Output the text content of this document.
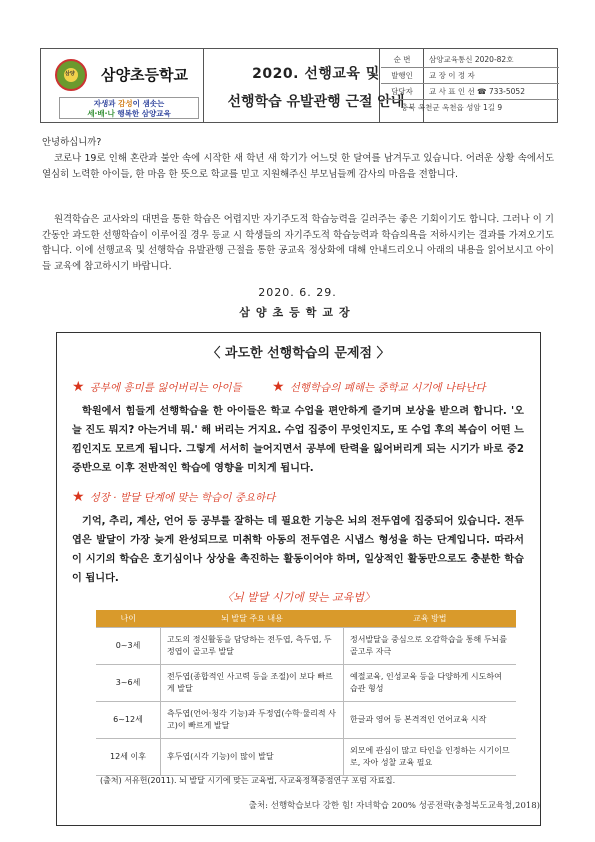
삼양 삼양초등학교
자생과 감성이 샘솟는
세·배·나 행복한 삼양교육
2020. 선행교육 및
선행학습 유발관행 근절 안내
순 번	삼양교육통신 2020-82호
발행인	교 장 이 정 자
담당자	교 사 표 인 선 ☎ 733-5052
충북 옥천군 옥천읍 성암 1길 9
안녕하십니까?
코로나 19로 인해 혼란과 불안 속에 시작한 새 학년 새 학기가 어느덧 한 달여를 남겨두고 있습니다. 어려운 상황 속에서도 열심히 노력한 아이들, 한 마음 한 뜻으로 학교를 믿고 지원해주신 부모님들께 감사의 마음을 전합니다.
원격학습은 교사와의 대면을 통한 학습은 어렵지만 자기주도적 학습능력을 길러주는 좋은 기회이기도 합니다. 그러나 이 기간동안 과도한 선행학습이 이루어질 경우 등교 시 학생들의 자기주도적 학습능력과 학습의욕을 저하시키는 결과를 가져오기도 합니다. 이에 선행교육 및 선행학습 유발관행 근절을 통한 공교육 정상화에 대해 안내드리오니 아래의 내용을 읽어보시고 아이들 교육에 참고하시기 바랍니다.
2020. 6. 29.
삼양초등학교장
〈 과도한 선행학습의 문제점 〉
★ 공부에 흥미를 잃어버리는 아이들 ★ 선행학습의 폐해는 중학교 시기에 나타난다
학원에서 힘들게 선행학습을 한 아이들은 학교 수업을 편안하게 즐기며 보상을 받으려 합니다. '오늘 진도 뭐지? 아는거네 뭐.' 해 버리는 거지요. 수업 집중이 무엇인지도, 또 수업 후의 복습이 어떤 느낌인지도 모르게 됩니다. 그렇게 서서히 늘어지면서 공부에 탄력을 잃어버리게 되는 시기가 바로 중2 중반으로 이후 전반적인 학습에 영향을 미치게 됩니다.
★ 성장 · 발달 단계에 맞는 학습이 중요하다
기억, 추리, 계산, 언어 등 공부를 잘하는 데 필요한 기능은 뇌의 전두엽에 집중되어 있습니다. 전두엽은 발달이 가장 늦게 완성되므로 미취학 아동의 전두엽은 시냅스 형성을 하는 단계입니다. 따라서 이 시기의 학습은 호기심이나 상상을 촉진하는 활동이어야 하며, 일상적인 활동만으로도 충분한 학습이 됩니다.
〈뇌 발달 시기에 맞는 교육법〉
나이	뇌 발달 주요 내용	교육 방법
0~3세	고도의 정신활동을 담당하는 전두엽, 측두엽, 두정엽이 골고루 발달	정서발달을 중심으로 오감학습을 통해 두뇌를 골고루 자극
3~6세	전두엽(종합적인 사고력 등을 조절)이 보다 빠르게 발달	예절교육, 인성교육 등을 다양하게 시도하여 습관 형성
6~12세	측두엽(언어·청각 기능)과 두정엽(수학·물리적 사고)이 빠르게 발달	한글과 영어 등 본격적인 언어교육 시작
12세 이후	후두엽(시각 기능)이 많이 발달	외모에 관심이 많고 타인을 인정하는 시기이므로, 자아 성찰 교육 필요
(출처) 서유헌(2011). 뇌 발달 시기에 맞는 교육법, 사교육정책중점연구 포럼 자료집.
출처: 선행학습보다 강한 힘! 자녀학습 200% 성공전략(충청북도교육청,2018)
